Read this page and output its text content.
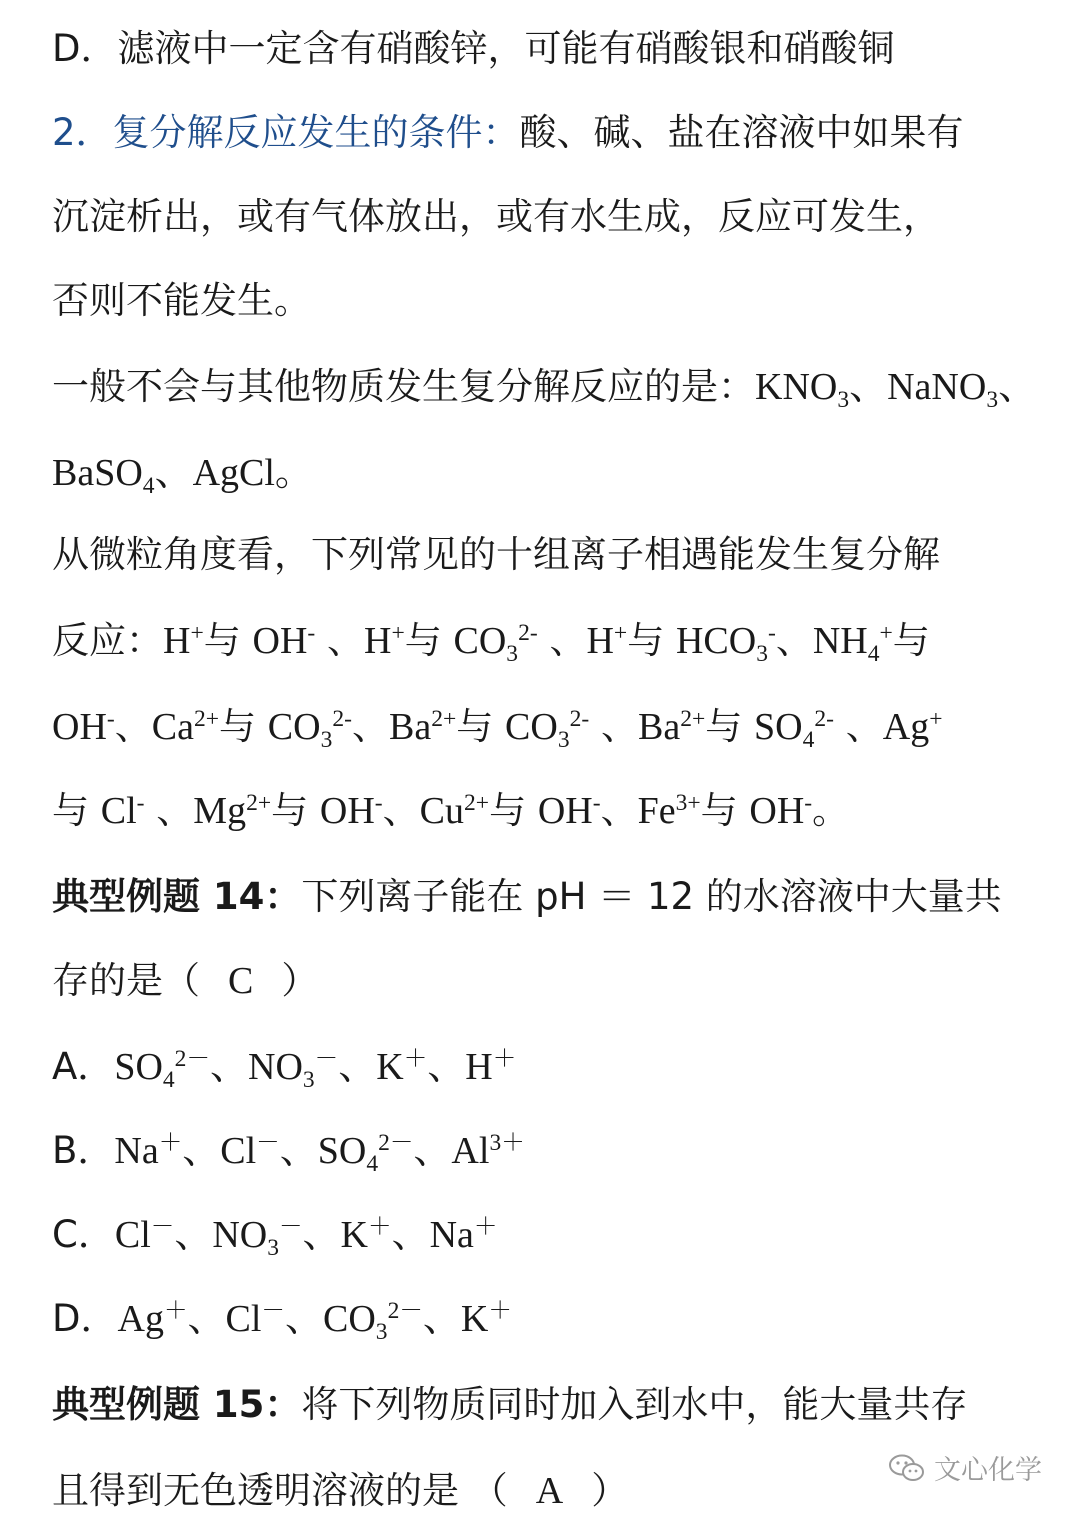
D．滤液中一定含有硝酸锌，可能有硝酸银和硝酸铜
2．复分解反应发生的条件：酸、碱、盐在溶液中如果有
沉淀析出，或有气体放出，或有水生成，反应可发生，
否则不能发生。
一般不会与其他物质发生复分解反应的是：$KNO_3$、NaNO$_3$、
BaSO$_4$、AgCl。
从微粒角度看，下列常见的十组离子相遇能发生复分解
反应：H+与 OH- 、H+与 $CO_3^{2-}$ 、H+与 $HCO_3^-$、$NH_4^+$与
OH-、$Ca^{2+}$与 $CO_3^{2-}$、$Ba^{2+}$与 $CO_3^{2-}$ 、$Ba^{2+}$与 $SO_4^{2-}$ 、Ag+
与 Cl- 、$Mg^{2+}$与 OH-、$Cu^{2+}$与 OH-、$Fe^{3+}$与 OH-。
典型例题 14：下列离子能在 pH ＝ 12 的水溶液中大量共
存的是（ C ）
A．$SO_4^{2-}$、$NO_3^-$、K＋、H＋
B．Na＋、Cl－、$SO_4^{2-}$、$Al^{3+}$
C．Cl－、$NO_3^-$、K＋、Na＋
D．Ag＋、Cl－、$CO_3^{2-}$、K＋
典型例题 15：将下列物质同时加入到水中，能大量共存
且得到无色透明溶液的是 （ A ）	文心化学
